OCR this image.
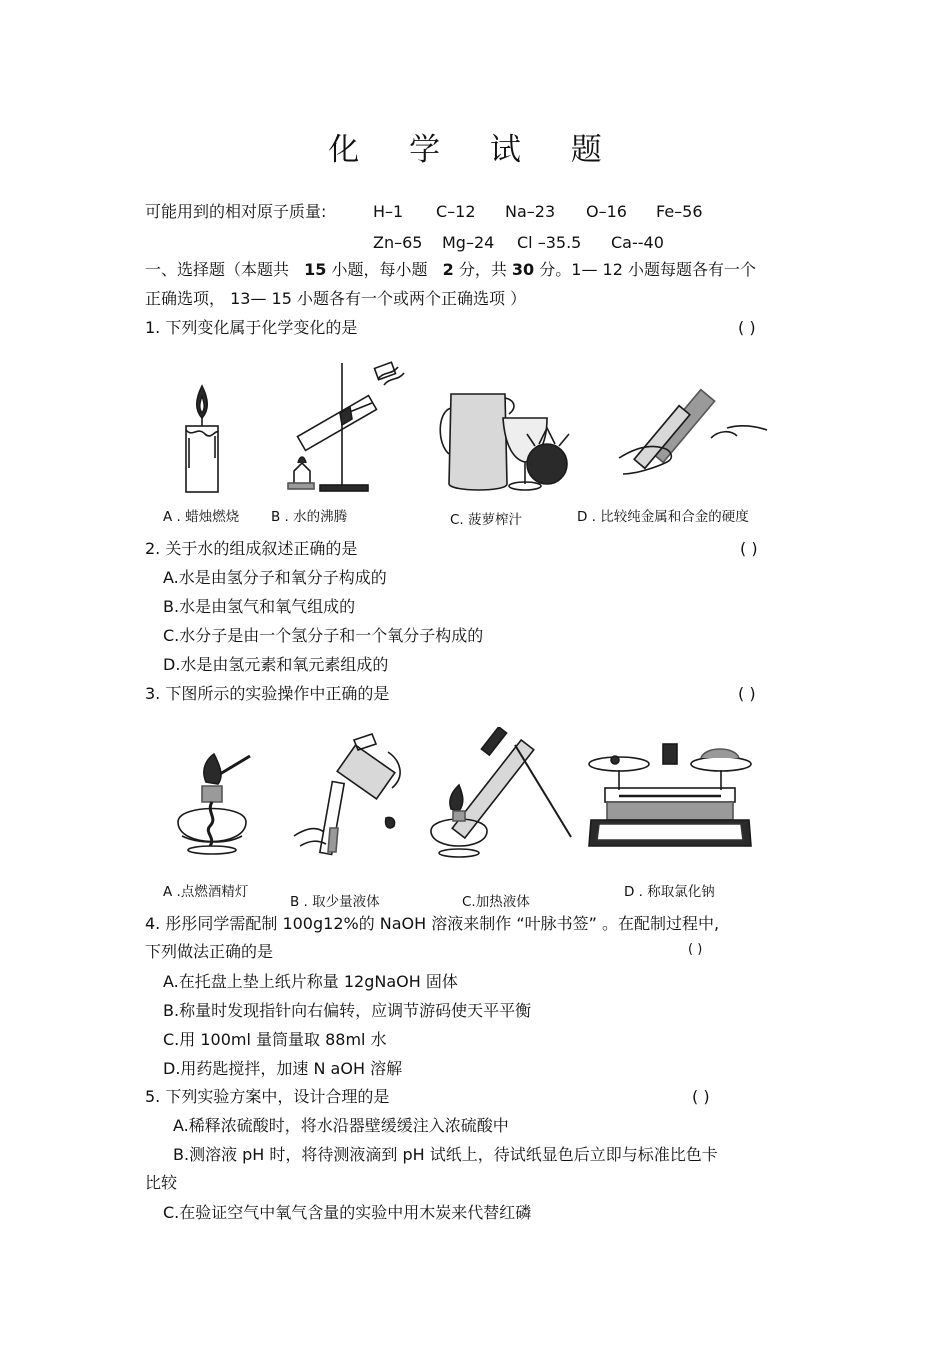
化 学 试 题
可能用到的相对原子质量:	H–1 C–12 Na–23 O–16 Fe–56
Zn–65 Mg–24 Cl –35.5 Ca--40
一、选择题（本题共 15 小题，每小题 2 分，共 30 分。1— 12 小题每题各有一个
正确选项， 13— 15 小题各有一个或两个正确选项 ）
1. 下列变化属于化学变化的是	( )
A . 蜡烛燃烧 B . 水的沸腾	C. 菠萝榨汁	D . 比较纯金属和合金的硬度
2. 关于水的组成叙述正确的是	( )
A.水是由氢分子和氧分子构成的
B.水是由氢气和氧气组成的
C.水分子是由一个氢分子和一个氧分子构成的
D.水是由氢元素和氧元素组成的
3. 下图所示的实验操作中正确的是	( )
A .点燃酒精灯
B . 取少量液体	C.加热液体
D . 称取氯化钠
4. 彤彤同学需配制 100g12%的 NaOH 溶液来制作 “叶脉书签” 。在配制过程中,
下列做法正确的是	( )
A.在托盘上垫上纸片称量 12gNaOH 固体
B.称量时发现指针向右偏转，应调节游码使天平平衡
C.用 100ml 量筒量取 88ml 水
D.用药匙搅拌，加速 N aOH 溶解
5. 下列实验方案中，设计合理的是	( )
A.稀释浓硫酸时，将水沿器壁缓缓注入浓硫酸中
B.测溶液 pH 时，将待测液滴到 pH 试纸上，待试纸显色后立即与标准比色卡
比较
C.在验证空气中氧气含量的实验中用木炭来代替红磷
